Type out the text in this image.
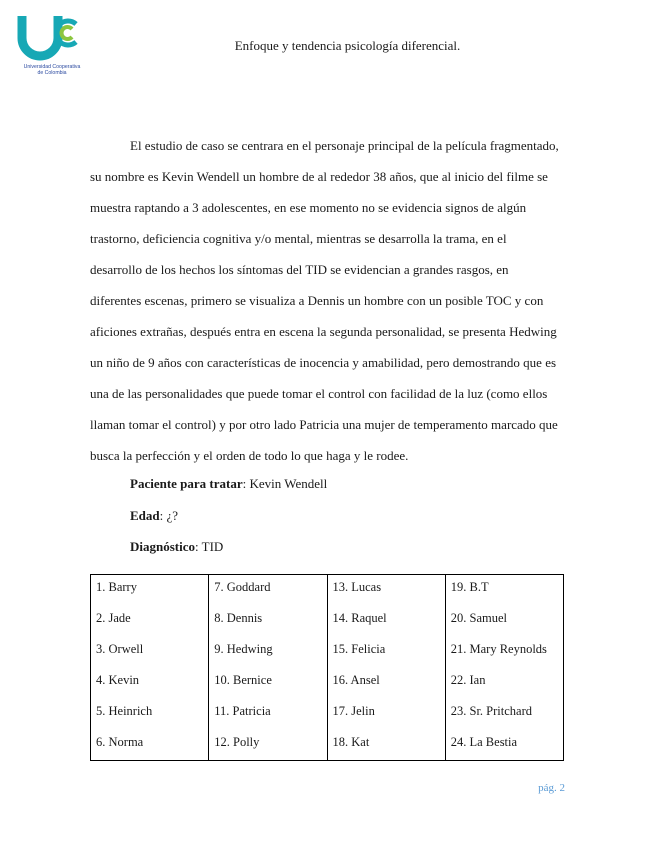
Universidad Cooperativa
de Colombia
Enfoque y tendencia psicología diferencial.

El estudio de caso se centrara en el personaje principal de la película fragmentado, su nombre es Kevin Wendell un hombre de al rededor 38 años, que al inicio del filme se muestra raptando a 3 adolescentes, en ese momento no se evidencia signos de algún trastorno, deficiencia cognitiva y/o mental, mientras se desarrolla la trama, en el desarrollo de los hechos los síntomas del TID se evidencian a grandes rasgos, en diferentes escenas, primero se visualiza a Dennis un hombre con un posible TOC y con aficiones extrañas, después entra en escena la segunda personalidad, se presenta Hedwing un niño de 9 años con características de inocencia y amabilidad, pero demostrando que es una de las personalidades que puede tomar el control con facilidad de la luz (como ellos llaman tomar el control) y por otro lado Patricia una mujer de temperamento marcado que busca la perfección y el orden de todo lo que haga y le rodee.

Paciente para tratar: Kevin Wendell
Edad: ¿?
Diagnóstico: TID
1. Barry	7. Goddard	13. Lucas	19. B.T
2. Jade	8. Dennis	14. Raquel	20. Samuel
3. Orwell	9. Hedwing	15. Felicia	21. Mary Reynolds
4. Kevin	10. Bernice	16. Ansel	22. Ian
5. Heinrich	11. Patricia	17. Jelin	23. Sr. Pritchard
6. Norma	12. Polly	18. Kat	24. La Bestia
pág. 2
